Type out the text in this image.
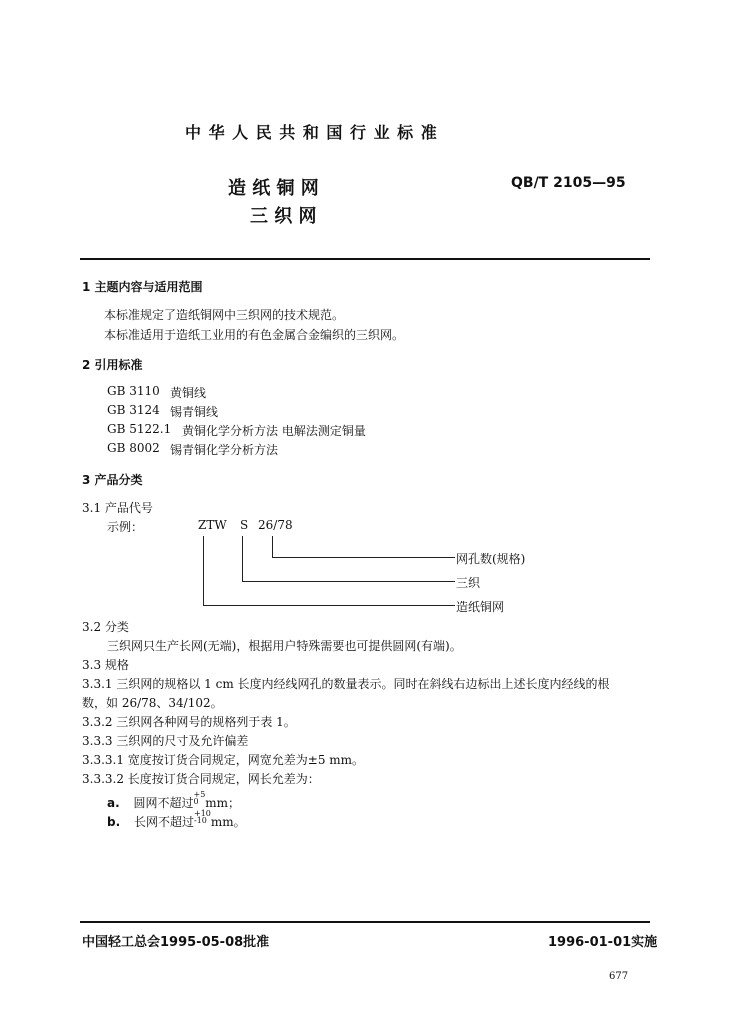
中 华 人 民 共 和 国 行 业 标 准
造 纸 铜 网
三 织 网
QB/T 2105—95
1 主题内容与适用范围
本标准规定了造纸铜网中三织网的技术规范。
本标准适用于造纸工业用的有色金属合金编织的三织网。
2 引用标准
GB 3110 黄铜线
GB 3124 锡青铜线
GB 5122.1 黄铜化学分析方法 电解法测定铜量
GB 8002 锡青铜化学分析方法
3 产品分类
3.1 产品代号
示例：	ZTW S 26/78
网孔数(规格)
三织
造纸铜网
3.2 分类
三织网只生产长网(无端)，根据用户特殊需要也可提供圆网(有端)。
3.3 规格
3.3.1 三织网的规格以 1 cm 长度内经线网孔的数量表示。同时在斜线右边标出上述长度内经线的根
数，如 26/78、34/102。
3.3.2 三织网各种网号的规格列于表 1。
3.3.3 三织网的尺寸及允许偏差
3.3.3.1 宽度按订货合同规定，网宽允差为±5 mm。
3.3.3.2 长度按订货合同规定，网长允差为：
a. 圆网不超过
+5
0 mm；
b. 长网不超过
+10
-10 mm。
中国轻工总会1995-05-08批准	1996-01-01实施
677
